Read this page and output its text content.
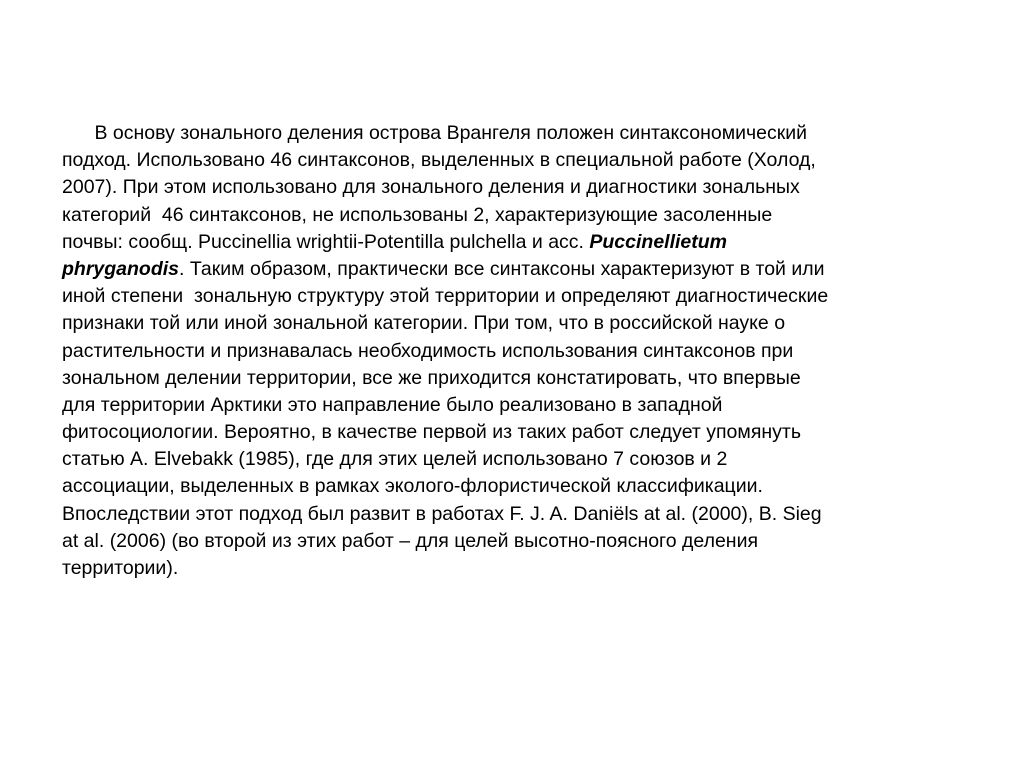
В основу зонального деления острова Врангеля положен синтаксономический
подход. Использовано 46 синтаксонов, выделенных в специальной работе (Холод,
2007). При этом использовано для зонального деления и диагностики зональных
категорий  46 синтаксонов, не использованы 2, характеризующие засоленные
почвы: сообщ. Puccinellia wrightii-Potentilla pulchella и асс. Puccinellietum
phryganodis. Таким образом, практически все синтаксоны характеризуют в той или
иной степени  зональную структуру этой территории и определяют диагностические
признаки той или иной зональной категории. При том, что в российской науке о
растительности и признавалась необходимость использования синтаксонов при
зональном делении территории, все же приходится констатировать, что впервые
для территории Арктики это направление было реализовано в западной
фитосоциологии. Вероятно, в качестве первой из таких работ следует упомянуть
статью A. Elvebakk (1985), где для этих целей использовано 7 союзов и 2
ассоциации, выделенных в рамках эколого-флористической классификации.
Впоследствии этот подход был развит в работах F. J. A. Daniëls at al. (2000), B. Sieg
at al. (2006) (во второй из этих работ – для целей высотно-поясного деления
территории).
